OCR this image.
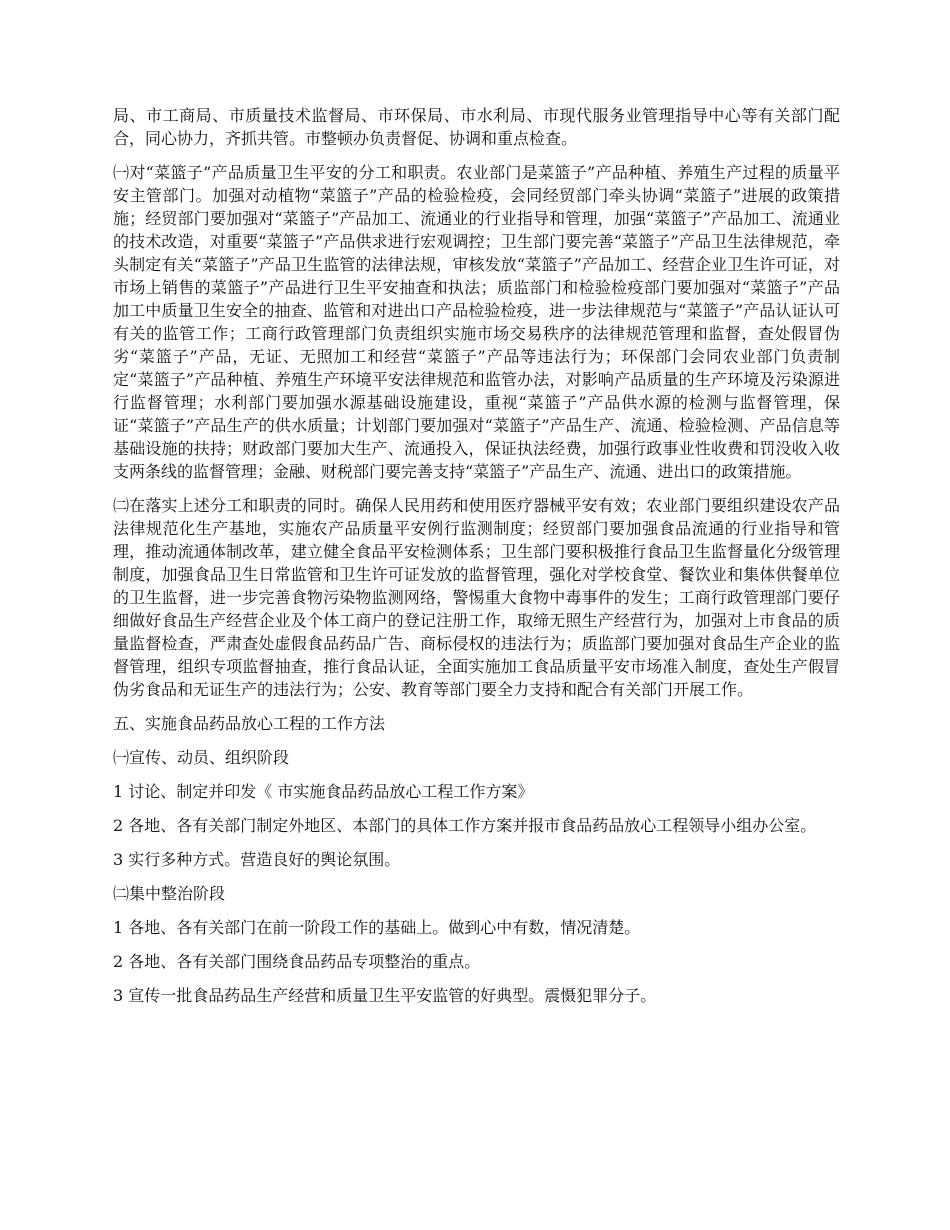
局、市工商局、市质量技术监督局、市环保局、市水利局、市现代服务业管理指导中心等有关部门配合，同心协力，齐抓共管。市整顿办负责督促、协调和重点检查。

㈠对“菜篮子”产品质量卫生平安的分工和职责。农业部门是菜篮子”产品种植、养殖生产过程的质量平安主管部门。加强对动植物“菜篮子”产品的检验检疫，会同经贸部门牵头协调“菜篮子”进展的政策措施；经贸部门要加强对“菜篮子”产品加工、流通业的行业指导和管理，加强“菜篮子”产品加工、流通业的技术改造，对重要“菜篮子”产品供求进行宏观调控；卫生部门要完善“菜篮子”产品卫生法律规范，牵头制定有关“菜篮子”产品卫生监管的法律法规，审核发放“菜篮子”产品加工、经营企业卫生许可证，对市场上销售的菜篮子”产品进行卫生平安抽查和执法；质监部门和检验检疫部门要加强对“菜篮子”产品加工中质量卫生安全的抽查、监管和对进出口产品检验检疫，进一步法律规范与“菜篮子”产品认证认可有关的监管工作；工商行政管理部门负责组织实施市场交易秩序的法律规范管理和监督，查处假冒伪劣“菜篮子”产品，无证、无照加工和经营“菜篮子”产品等违法行为；环保部门会同农业部门负责制定“菜篮子”产品种植、养殖生产环境平安法律规范和监管办法，对影响产品质量的生产环境及污染源进行监督管理；水利部门要加强水源基础设施建设，重视“菜篮子”产品供水源的检测与监督管理，保证“菜篮子”产品生产的供水质量；计划部门要加强对“菜篮子”产品生产、流通、检验检测、产品信息等基础设施的扶持；财政部门要加大生产、流通投入，保证执法经费，加强行政事业性收费和罚没收入收支两条线的监督管理；金融、财税部门要完善支持“菜篮子”产品生产、流通、进出口的政策措施。

㈡在落实上述分工和职责的同时。确保人民用药和使用医疗器械平安有效；农业部门要组织建设农产品法律规范化生产基地，实施农产品质量平安例行监测制度；经贸部门要加强食品流通的行业指导和管理，推动流通体制改革，建立健全食品平安检测体系；卫生部门要积极推行食品卫生监督量化分级管理制度，加强食品卫生日常监管和卫生许可证发放的监督管理，强化对学校食堂、餐饮业和集体供餐单位的卫生监督，进一步完善食物污染物监测网络，警惕重大食物中毒事件的发生；工商行政管理部门要仔细做好食品生产经营企业及个体工商户的登记注册工作，取缔无照生产经营行为，加强对上市食品的质量监督检查，严肃查处虚假食品药品广告、商标侵权的违法行为；质监部门要加强对食品生产企业的监督管理，组织专项监督抽查，推行食品认证，全面实施加工食品质量平安市场准入制度，查处生产假冒伪劣食品和无证生产的违法行为；公安、教育等部门要全力支持和配合有关部门开展工作。

五、实施食品药品放心工程的工作方法

㈠宣传、动员、组织阶段

1 讨论、制定并印发《 市实施食品药品放心工程工作方案》

2 各地、各有关部门制定外地区、本部门的具体工作方案并报市食品药品放心工程领导小组办公室。

3 实行多种方式。营造良好的舆论氛围。

㈡集中整治阶段

1 各地、各有关部门在前一阶段工作的基础上。做到心中有数，情况清楚。

2 各地、各有关部门围绕食品药品专项整治的重点。

3 宣传一批食品药品生产经营和质量卫生平安监管的好典型。震慑犯罪分子。
